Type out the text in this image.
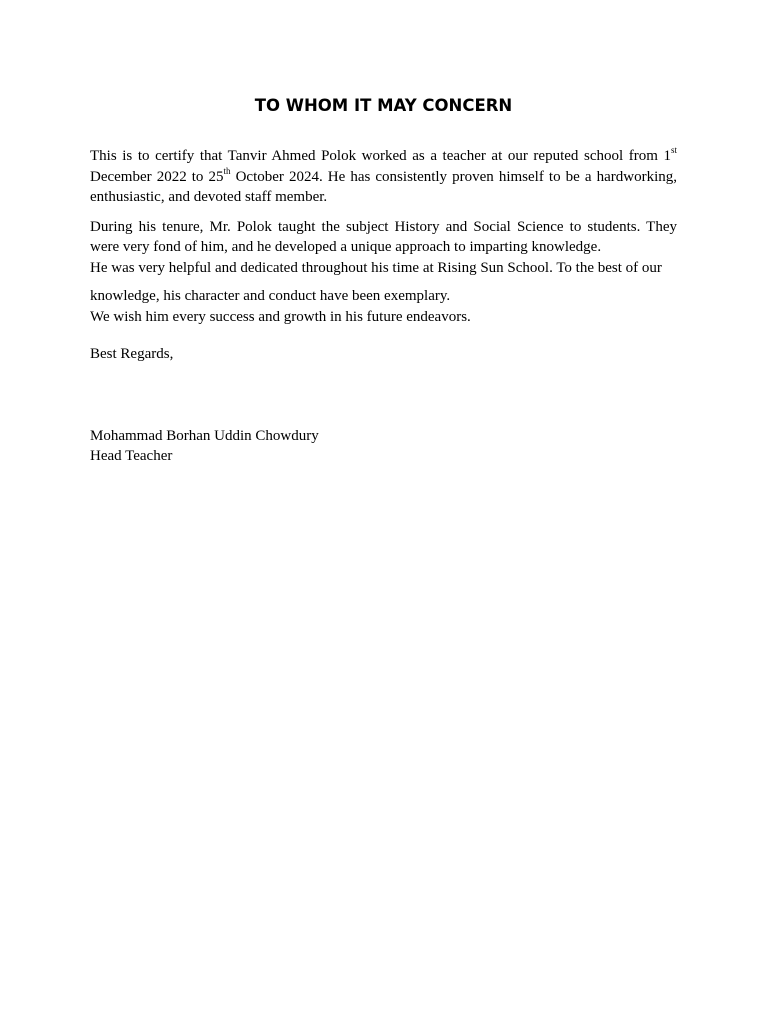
TO WHOM IT MAY CONCERN

This is to certify that Tanvir Ahmed Polok worked as a teacher at our reputed school from 1st December 2022 to 25th October 2024. He has consistently proven himself to be a hardworking, enthusiastic, and devoted staff member.

During his tenure, Mr. Polok taught the subject History and Social Science to students. They were very fond of him, and he developed a unique approach to imparting knowledge.

He was very helpful and dedicated throughout his time at Rising Sun School. To the best of our

knowledge, his character and conduct have been exemplary.

We wish him every success and growth in his future endeavors.

Best Regards,

Mohammad Borhan Uddin Chowdury

Head Teacher
